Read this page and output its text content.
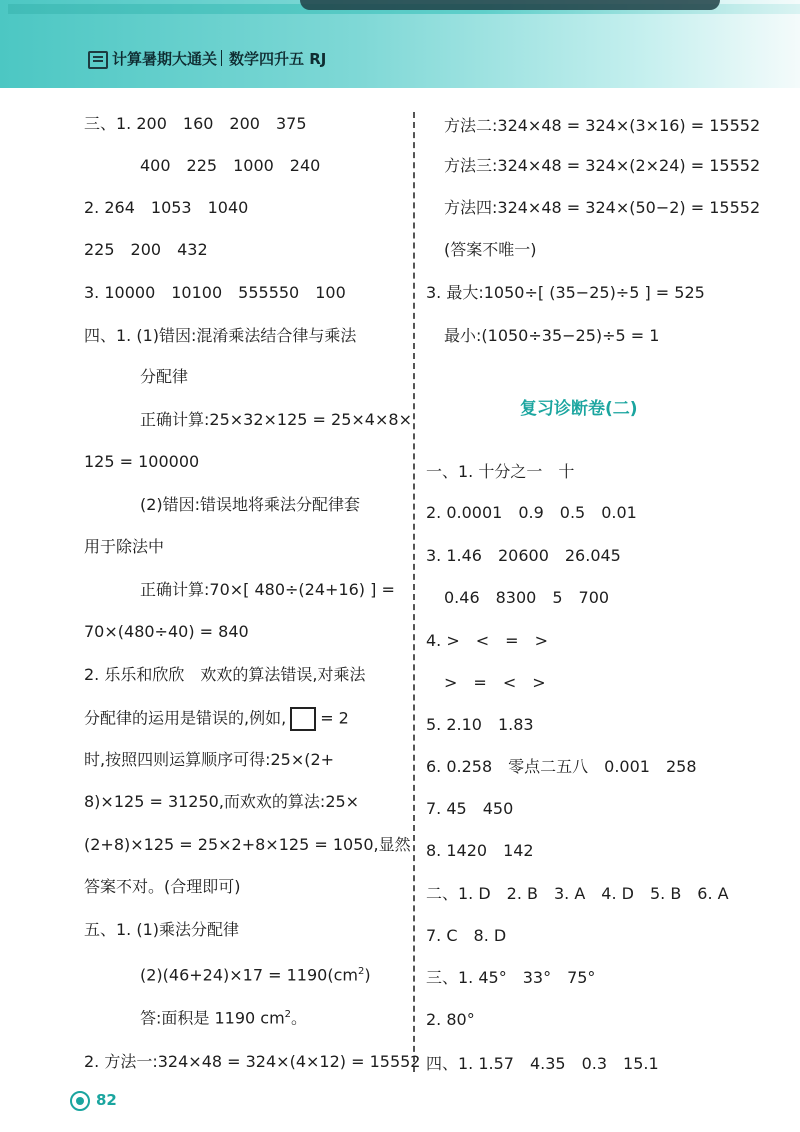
计算暑期大通关 数学四升五 RJ
三、1. 200　160　200　375
400　225　1000　240
2. 264　1053　1040
225　200　432
3. 10000　10100　555550　100
四、1. (1)错因:混淆乘法结合律与乘法
分配律
正确计算:25×32×125 = 25×4×8×
125 = 100000
(2)错因:错误地将乘法分配律套
用于除法中
正确计算:70×[ 480÷(24+16) ] =
70×(480÷40) = 840
2. 乐乐和欣欣　欢欢的算法错误,对乘法
分配律的运用是错误的,例如, = 2
时,按照四则运算顺序可得:25×(2+
8)×125 = 31250,而欢欢的算法:25×
(2+8)×125 = 25×2+8×125 = 1050,显然
答案不对。(合理即可)
五、1. (1)乘法分配律
$(2)(46+24)\times 17 = 1190(cm^2)$
答:面积是 1190 $cm^2$。
2. 方法一:324×48 = 324×(4×12) = 15552
方法二:324×48 = 324×(3×16) = 15552
方法三:324×48 = 324×(2×24) = 15552
方法四:324×48 = 324×(50−2) = 15552
(答案不唯一)
3. 最大:1050÷[ (35−25)÷5 ] = 525
最小:(1050÷35−25)÷5 = 1
复习诊断卷(二)
一、1. 十分之一　十
2. 0.0001　0.9　0.5　0.01
3. 1.46　20600　26.045
0.46　8300　5　700
4. >　<　=　>
>　=　<　>
5. 2.10　1.83
6. 0.258　零点二五八　0.001　258
7. 45　450
8. 1420　142
二、1. D　2. B　3. A　4. D　5. B　6. A
7. C　8. D
三、1. 45°　33°　75°
2. 80°
四、1. 1.57　4.35　0.3　15.1
82
